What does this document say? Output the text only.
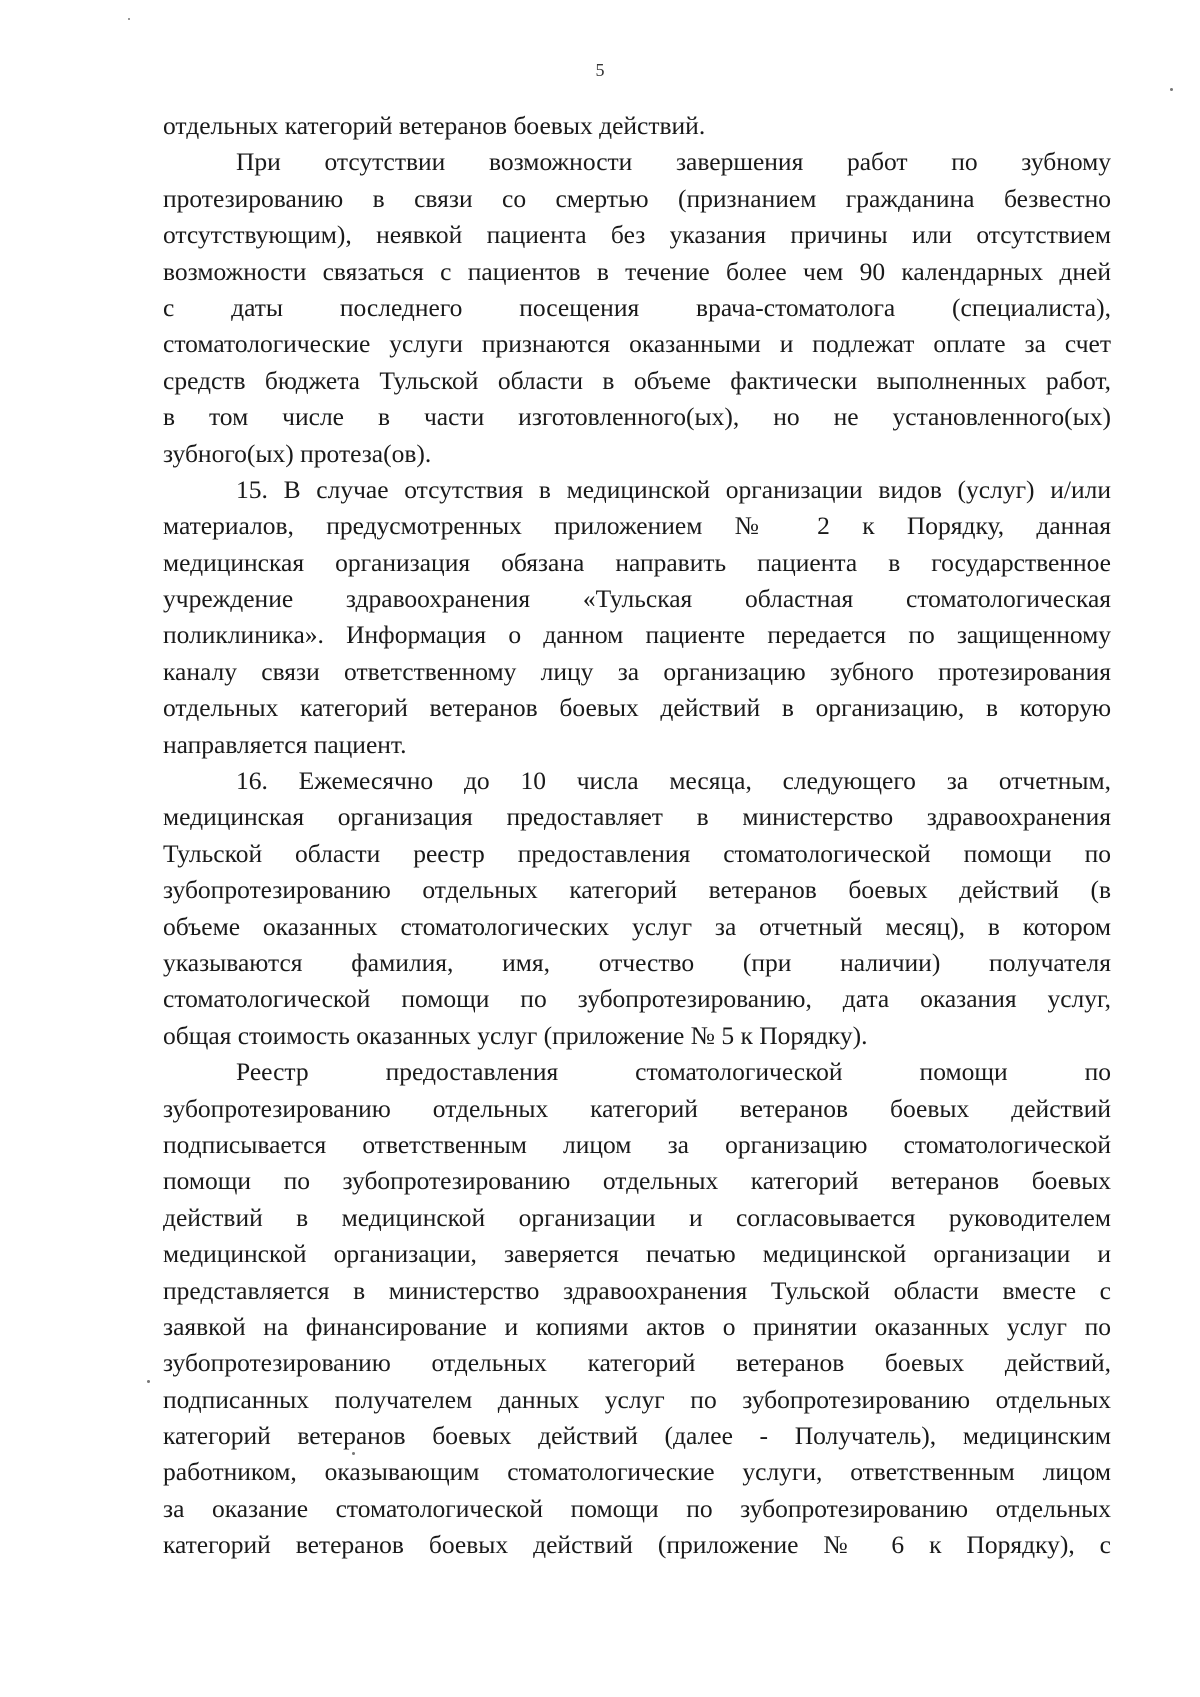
5
отдельных категорий ветеранов боевых действий.
При отсутствии возможности завершения работ по зубному
протезированию в связи со смертью (признанием гражданина безвестно
отсутствующим), неявкой пациента без указания причины или отсутствием
возможности связаться с пациентов в течение более чем 90 календарных дней
с даты последнего посещения врача-стоматолога (специалиста),
стоматологические услуги признаются оказанными и подлежат оплате за счет
средств бюджета Тульской области в объеме фактически выполненных работ,
в том числе в части изготовленного(ых), но не установленного(ых)
зубного(ых) протеза(ов).
15. В случае отсутствия в медицинской организации видов (услуг) и/или
материалов, предусмотренных приложением № 2 к Порядку, данная
медицинская организация обязана направить пациента в государственное
учреждение здравоохранения «Тульская областная стоматологическая
поликлиника». Информация о данном пациенте передается по защищенному
каналу связи ответственному лицу за организацию зубного протезирования
отдельных категорий ветеранов боевых действий в организацию, в которую
направляется пациент.
16. Ежемесячно до 10 числа месяца, следующего за отчетным,
медицинская организация предоставляет в министерство здравоохранения
Тульской области реестр предоставления стоматологической помощи по
зубопротезированию отдельных категорий ветеранов боевых действий (в
объеме оказанных стоматологических услуг за отчетный месяц), в котором
указываются фамилия, имя, отчество (при наличии) получателя
стоматологической помощи по зубопротезированию, дата оказания услуг,
общая стоимость оказанных услуг (приложение № 5 к Порядку).
Реестр предоставления стоматологической помощи по
зубопротезированию отдельных категорий ветеранов боевых действий
подписывается ответственным лицом за организацию стоматологической
помощи по зубопротезированию отдельных категорий ветеранов боевых
действий в медицинской организации и согласовывается руководителем
медицинской организации, заверяется печатью медицинской организации и
представляется в министерство здравоохранения Тульской области вместе с
заявкой на финансирование и копиями актов о принятии оказанных услуг по
зубопротезированию отдельных категорий ветеранов боевых действий,
подписанных получателем данных услуг по зубопротезированию отдельных
категорий ветеранов боевых действий (далее - Получатель), медицинским
работником, оказывающим стоматологические услуги, ответственным лицом
за оказание стоматологической помощи по зубопротезированию отдельных
категорий ветеранов боевых действий (приложение № 6 к Порядку), с
